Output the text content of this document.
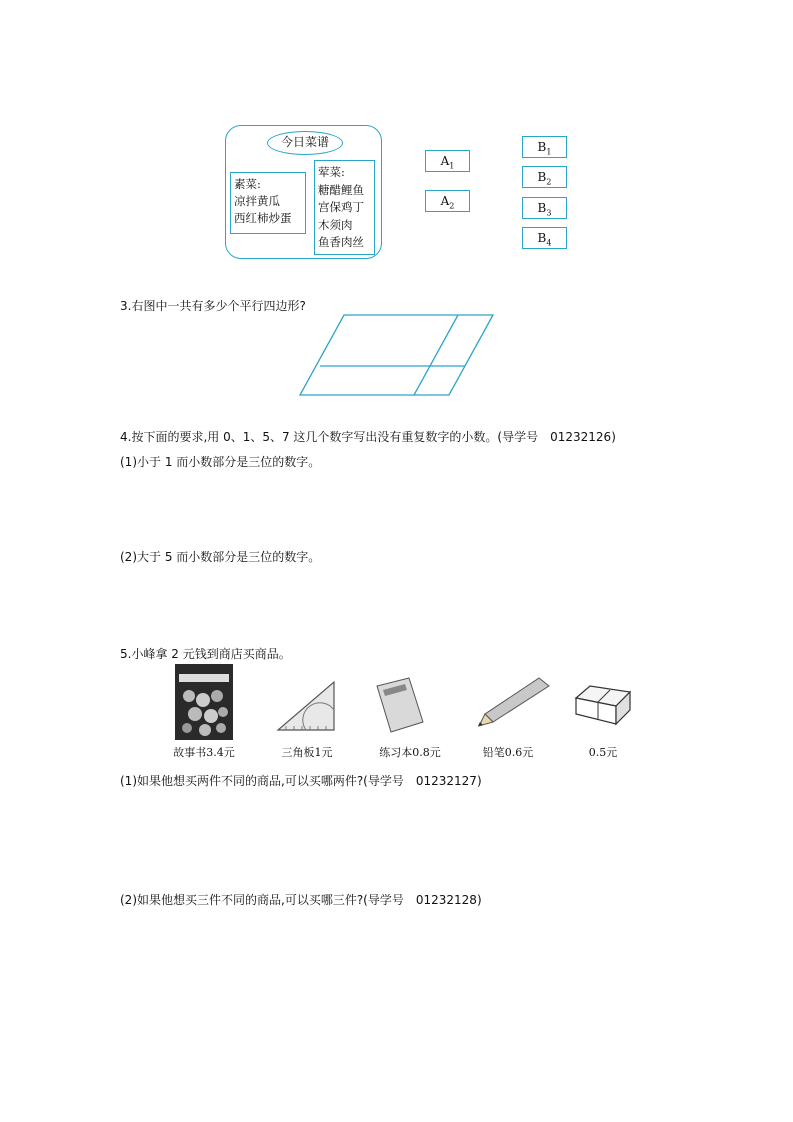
今日菜谱
素菜:
凉拌黄瓜
西红柿炒蛋
荤菜:
糖醋鲤鱼
宫保鸡丁
木须肉
鱼香肉丝
$A_1$
$A_2$
$B_1$
$B_2$
$B_3$
$B_4$
3.右图中一共有多少个平行四边形?
4.按下面的要求,用 0、1、5、7 这几个数字写出没有重复数字的小数。(导学号　01232126)
(1)小于 1 而小数部分是三位的数字。
(2)大于 5 而小数部分是三位的数字。
5.小峰拿 2 元钱到商店买商品。
故事书3.4元	三角板1元	练习本0.8元	铅笔0.6元	0.5元
(1)如果他想买两件不同的商品,可以买哪两件?(导学号　01232127)
(2)如果他想买三件不同的商品,可以买哪三件?(导学号　01232128)
